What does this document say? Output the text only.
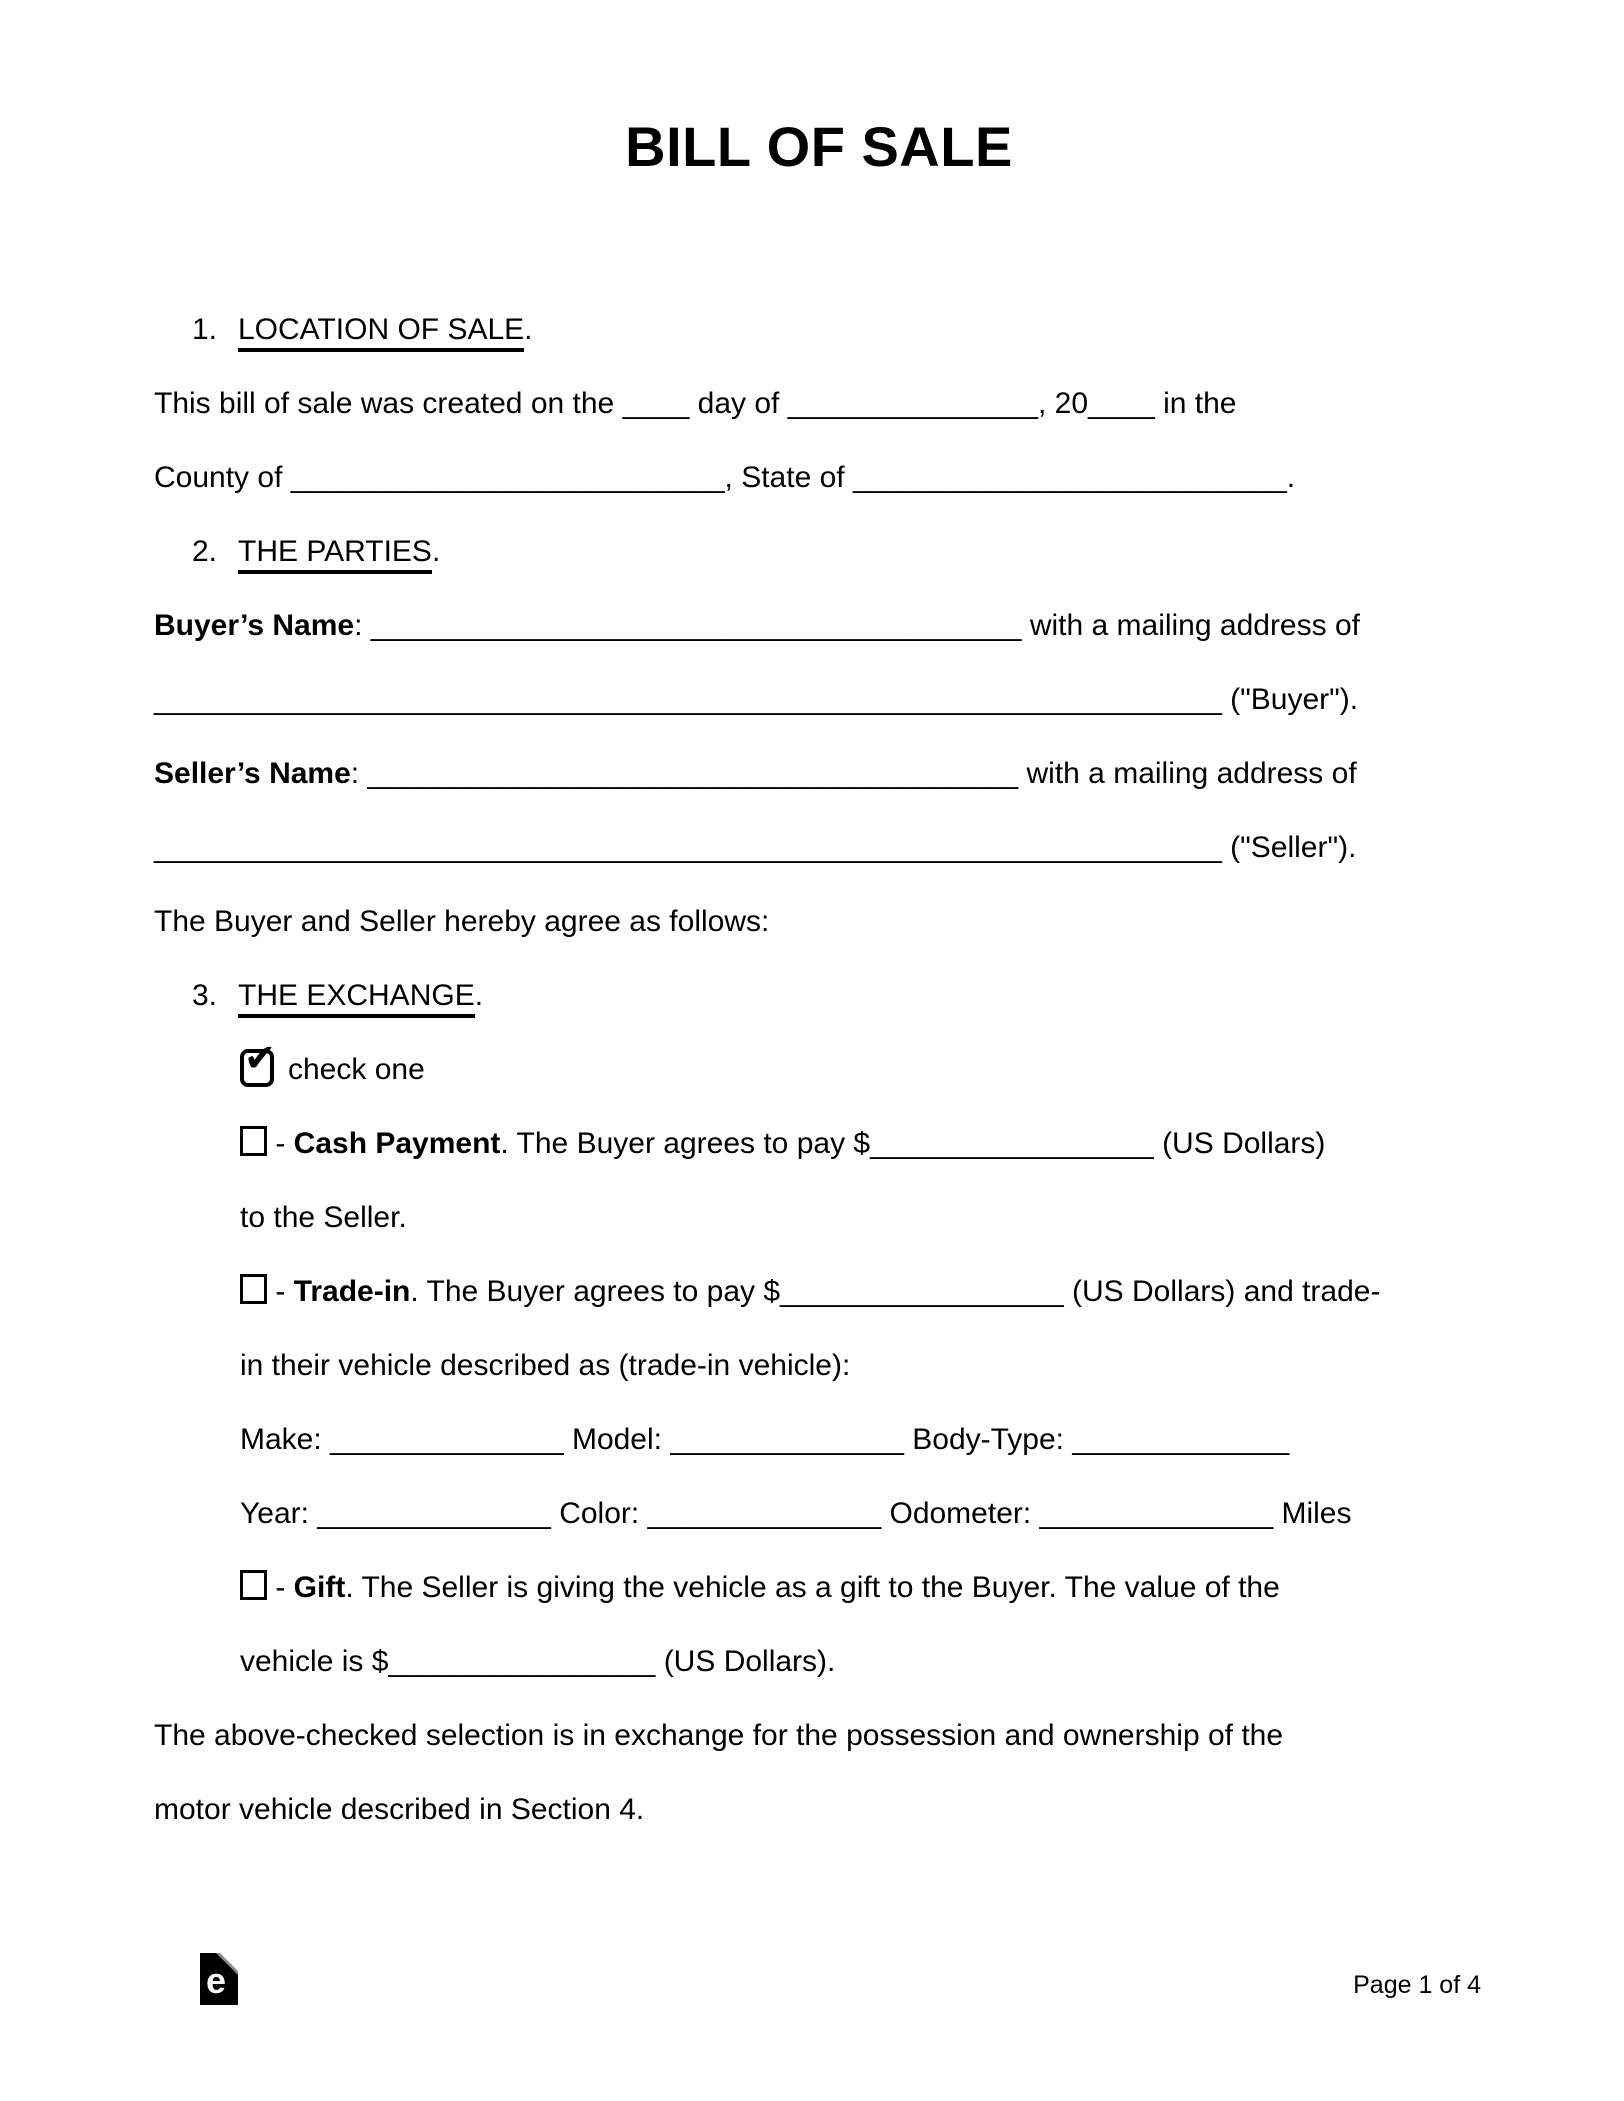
BILL OF SALE
1. LOCATION OF SALE.
This bill of sale was created on the ____ day of _______________, 20____ in the
County of __________________________, State of __________________________.
2. THE PARTIES.
Buyer’s Name: _______________________________________ with a mailing address of
________________________________________________________________ ("Buyer").
Seller’s Name: _______________________________________ with a mailing address of
________________________________________________________________ ("Seller").
The Buyer and Seller hereby agree as follows:
3. THE EXCHANGE.
✔ check one
- Cash Payment. The Buyer agrees to pay $_________________ (US Dollars)
to the Seller.
- Trade-in. The Buyer agrees to pay $_________________ (US Dollars) and trade-
in their vehicle described as (trade-in vehicle):
Make: ______________ Model: ______________ Body-Type: _____________
Year: ______________ Color: ______________ Odometer: ______________ Miles
- Gift. The Seller is giving the vehicle as a gift to the Buyer. The value of the
vehicle is $________________ (US Dollars).
The above-checked selection is in exchange for the possession and ownership of the
motor vehicle described in Section 4.
e	Page 1 of 4
